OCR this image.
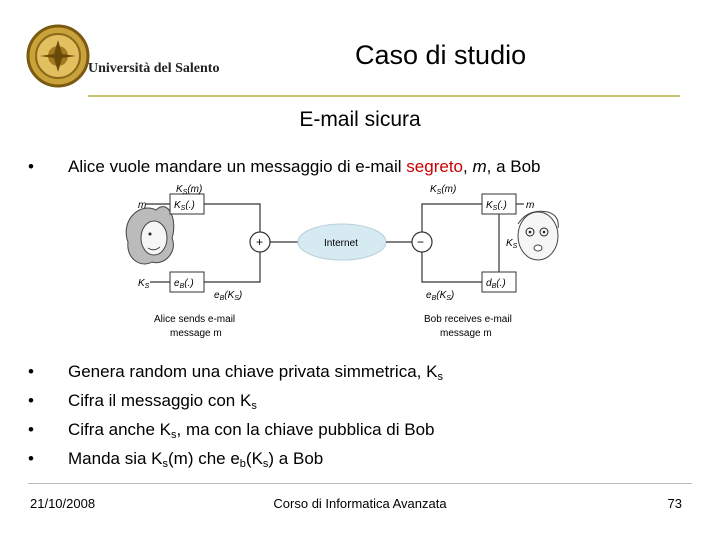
Università del Salento	Caso di studio
E-mail sicura
• Alice vuole mandare un messaggio di e-mail segreto, m, a Bob
m	$K_S(.)$
$K_S(m)$
$K_S$ $e_B(.)$
$e_B(K_S)$
+	Internet	−
$K_S(m)$
$K_S(.)$ m
$e_B(K_S)$
$d_B(.)$
$K_S$
Alice sends e-mail
message m
Bob receives e-mail
message m
• Genera random una chiave privata simmetrica, $K_s$
• Cifra il messaggio con $K_s$
• Cifra anche $K_s$, ma con la chiave pubblica di Bob
• Manda sia $K_s(m)$ che $e_b(K_s)$ a Bob
21/10/2008	Corso di Informatica Avanzata	73
